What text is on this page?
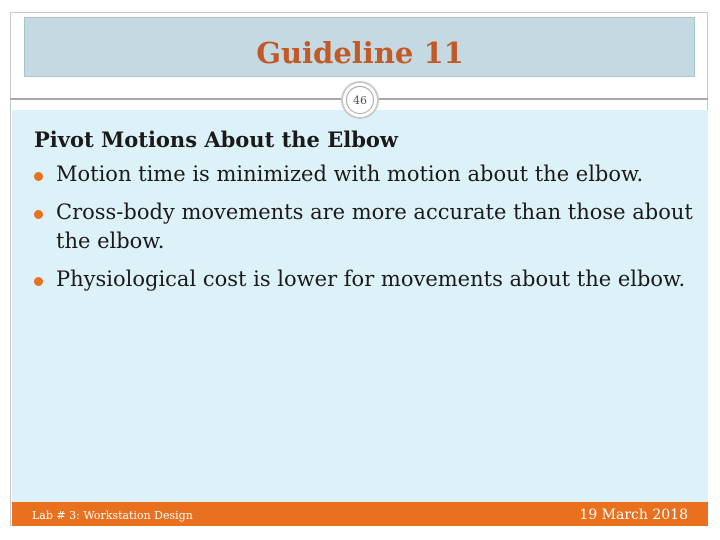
Guideline 11
46
Pivot Motions About the Elbow
Motion time is minimized with motion about the elbow.
Cross-body movements are more accurate than those about the elbow.
Physiological cost is lower for movements about the elbow.
Lab # 3: Workstation Design	19 March 2018
